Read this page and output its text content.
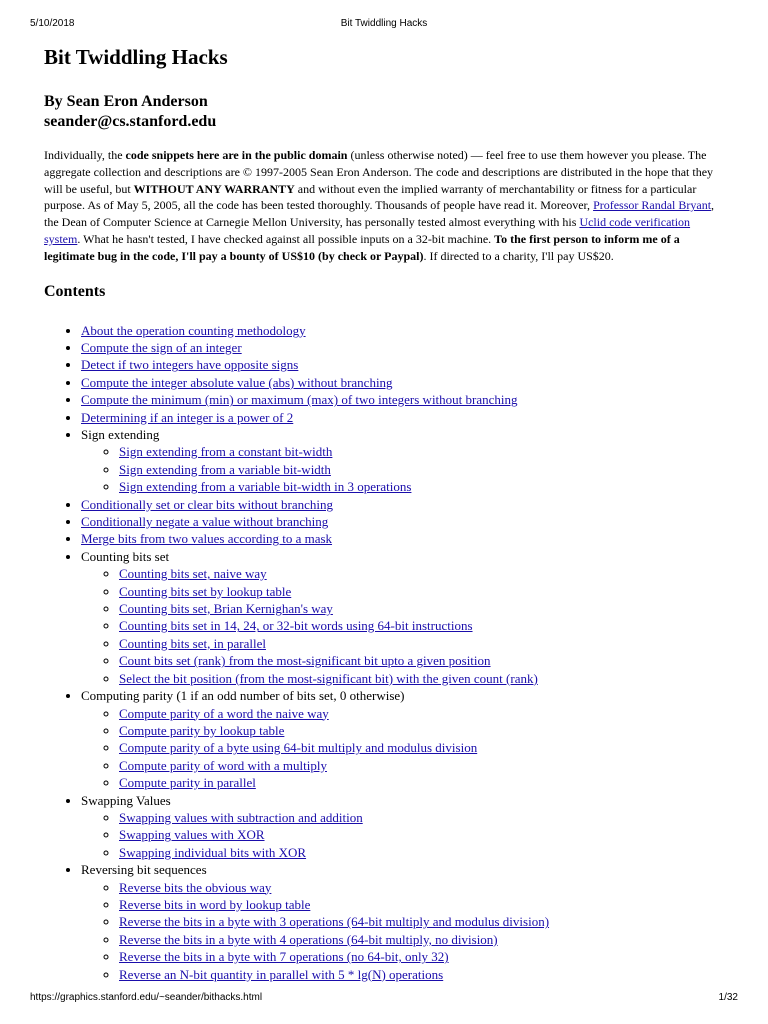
5/10/2018	Bit Twiddling Hacks
Bit Twiddling Hacks
By Sean Eron Anderson
seander@cs.stanford.edu
Individually, the code snippets here are in the public domain (unless otherwise noted) — feel free to use them however you please. The aggregate collection and descriptions are © 1997-2005 Sean Eron Anderson. The code and descriptions are distributed in the hope that they will be useful, but WITHOUT ANY WARRANTY and without even the implied warranty of merchantability or fitness for a particular purpose. As of May 5, 2005, all the code has been tested thoroughly. Thousands of people have read it. Moreover, Professor Randal Bryant, the Dean of Computer Science at Carnegie Mellon University, has personally tested almost everything with his Uclid code verification system. What he hasn't tested, I have checked against all possible inputs on a 32-bit machine. To the first person to inform me of a legitimate bug in the code, I'll pay a bounty of US$10 (by check or Paypal). If directed to a charity, I'll pay US$20.
Contents
• About the operation counting methodology
• Compute the sign of an integer
• Detect if two integers have opposite signs
• Compute the integer absolute value (abs) without branching
• Compute the minimum (min) or maximum (max) of two integers without branching
• Determining if an integer is a power of 2
• Sign extending
◦ Sign extending from a constant bit-width
◦ Sign extending from a variable bit-width
◦ Sign extending from a variable bit-width in 3 operations
• Conditionally set or clear bits without branching
• Conditionally negate a value without branching
• Merge bits from two values according to a mask
• Counting bits set
◦ Counting bits set, naive way
◦ Counting bits set by lookup table
◦ Counting bits set, Brian Kernighan's way
◦ Counting bits set in 14, 24, or 32-bit words using 64-bit instructions
◦ Counting bits set, in parallel
◦ Count bits set (rank) from the most-significant bit upto a given position
◦ Select the bit position (from the most-significant bit) with the given count (rank)
• Computing parity (1 if an odd number of bits set, 0 otherwise)
◦ Compute parity of a word the naive way
◦ Compute parity by lookup table
◦ Compute parity of a byte using 64-bit multiply and modulus division
◦ Compute parity of word with a multiply
◦ Compute parity in parallel
• Swapping Values
◦ Swapping values with subtraction and addition
◦ Swapping values with XOR
◦ Swapping individual bits with XOR
• Reversing bit sequences
◦ Reverse bits the obvious way
◦ Reverse bits in word by lookup table
◦ Reverse the bits in a byte with 3 operations (64-bit multiply and modulus division)
◦ Reverse the bits in a byte with 4 operations (64-bit multiply, no division)
◦ Reverse the bits in a byte with 7 operations (no 64-bit, only 32)
◦ Reverse an N-bit quantity in parallel with 5 * lg(N) operations
https://graphics.stanford.edu/~seander/bithacks.html	1/32
